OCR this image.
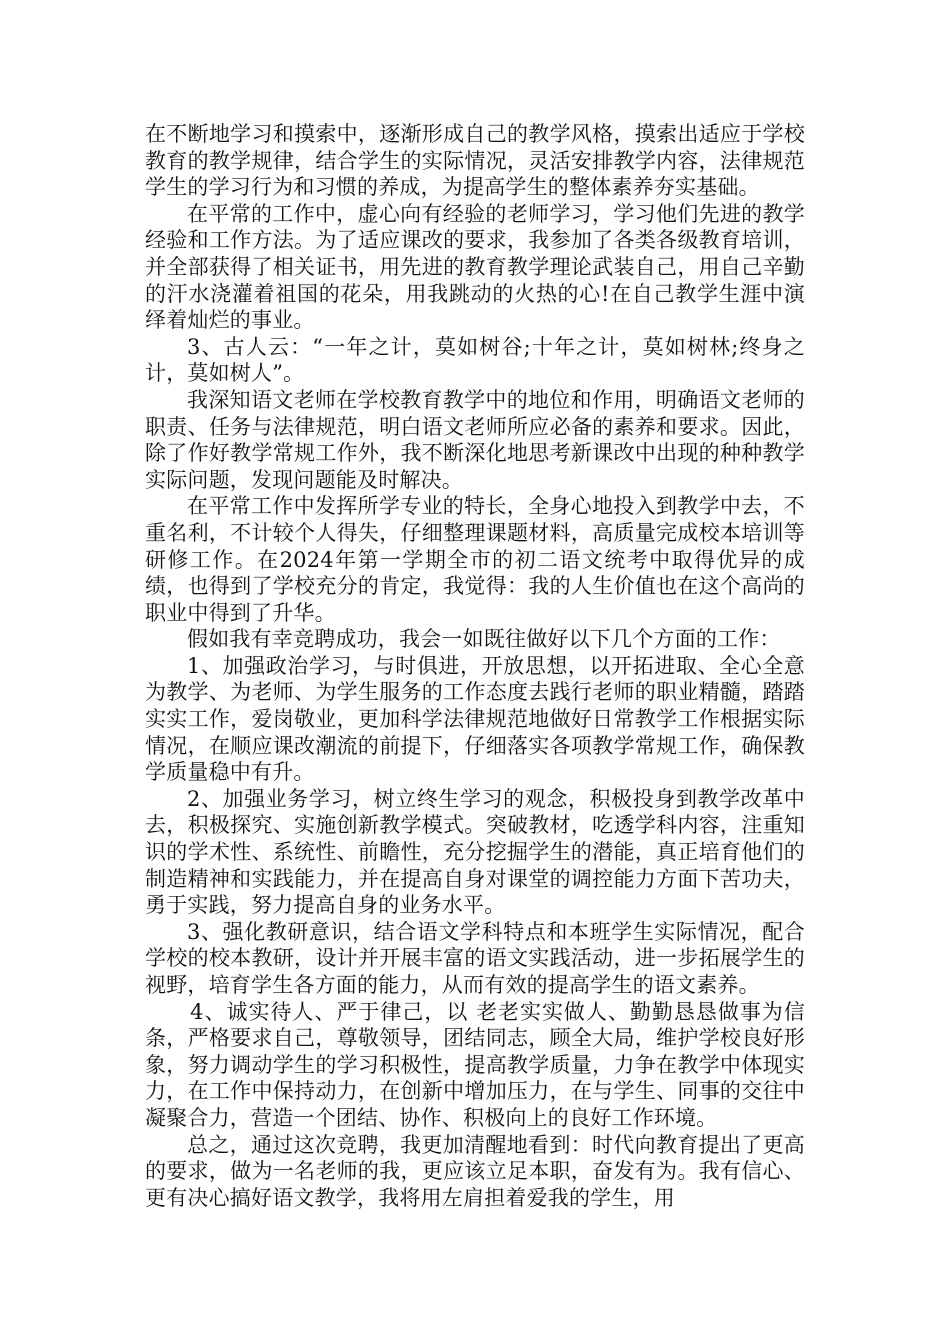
在不断地学习和摸索中，逐渐形成自己的教学风格，摸索出适应于学校教育的教学规律，结合学生的实际情况，灵活安排教学内容，法律规范学生的学习行为和习惯的养成，为提高学生的整体素养夯实基础。

在平常的工作中，虚心向有经验的老师学习，学习他们先进的教学经验和工作方法。为了适应课改的要求，我参加了各类各级教育培训，并全部获得了相关证书，用先进的教育教学理论武装自己，用自己辛勤的汗水浇灌着祖国的花朵，用我跳动的火热的心!在自己教学生涯中演绎着灿烂的事业。

3、古人云：“一年之计，莫如树谷;十年之计，莫如树林;终身之计，莫如树人”。

我深知语文老师在学校教育教学中的地位和作用，明确语文老师的职责、任务与法律规范，明白语文老师所应必备的素养和要求。因此，除了作好教学常规工作外，我不断深化地思考新课改中出现的种种教学实际问题，发现问题能及时解决。

在平常工作中发挥所学专业的特长，全身心地投入到教学中去，不重名利，不计较个人得失，仔细整理课题材料，高质量完成校本培训等研修工作。在2024年第一学期全市的初二语文统考中取得优异的成绩，也得到了学校充分的肯定，我觉得：我的人生价值也在这个高尚的职业中得到了升华。

假如我有幸竞聘成功，我会一如既往做好以下几个方面的工作：

1、加强政治学习，与时俱进，开放思想，以开拓进取、全心全意为教学、为老师、为学生服务的工作态度去践行老师的职业精髓，踏踏实实工作，爱岗敬业，更加科学法律规范地做好日常教学工作根据实际情况，在顺应课改潮流的前提下，仔细落实各项教学常规工作，确保教学质量稳中有升。

2、加强业务学习，树立终生学习的观念，积极投身到教学改革中去，积极探究、实施创新教学模式。突破教材，吃透学科内容，注重知识的学术性、系统性、前瞻性，充分挖掘学生的潜能，真正培育他们的制造精神和实践能力，并在提高自身对课堂的调控能力方面下苦功夫，勇于实践，努力提高自身的业务水平。

3、强化教研意识，结合语文学科特点和本班学生实际情况，配合学校的校本教研，设计并开展丰富的语文实践活动，进一步拓展学生的视野，培育学生各方面的能力，从而有效的提高学生的语文素养。

4、诚实待人、严于律己，以 老老实实做人、勤勤恳恳做事为信条，严格要求自己，尊敬领导，团结同志，顾全大局，维护学校良好形象，努力调动学生的学习积极性，提高教学质量，力争在教学中体现实力，在工作中保持动力，在创新中增加压力，在与学生、同事的交往中凝聚合力，营造一个团结、协作、积极向上的良好工作环境。

总之，通过这次竞聘，我更加清醒地看到：时代向教育提出了更高的要求，做为一名老师的我，更应该立足本职，奋发有为。我有信心、更有决心搞好语文教学，我将用左肩担着爱我的学生，用
